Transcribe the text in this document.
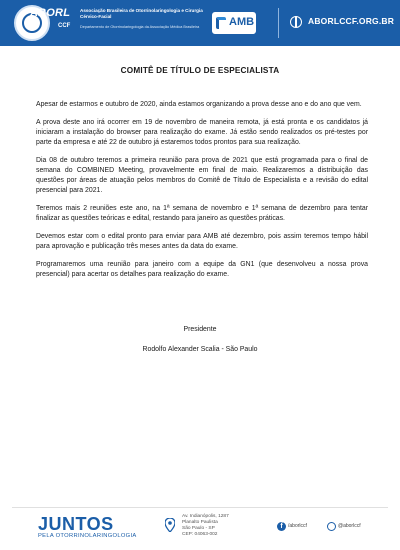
ABORL
CCF
Associação Brasileira de Otorrinolaringologia e Cirurgia Cérvico-Facial
Departamento de Otorrinolaringologia da Associação Médica Brasileira	AMB	ABORLCCF.ORG.BR
COMITÊ DE TÍTULO DE ESPECIALISTA

Apesar de estarmos e outubro de 2020, ainda estamos organizando a prova desse ano e do ano que vem.

A prova deste ano irá ocorrer em 19 de novembro de maneira remota, já está pronta e os candidatos já iniciaram a instalação do browser para realização do exame. Já estão sendo realizados os pré-testes por parte da empresa e até 22 de outubro já estaremos todos prontos para sua realização.

Dia 08 de outubro teremos a primeira reunião para prova de 2021 que está programada para o final de semana do COMBINED Meeting, provavelmente em final de maio. Realizaremos a distribuição das questões por áreas de atuação pelos membros do Comitê de Título de Especialista e a revisão do edital presencial para 2021.

Teremos mais 2 reuniões este ano, na 1ª semana de novembro e 1ª semana de dezembro para tentar finalizar as questões teóricas e edital, restando para janeiro as questões práticas.

Devemos estar com o edital pronto para enviar para AMB até dezembro, pois assim teremos tempo hábil para aprovação e publicação três meses antes da data do exame.

Programaremos uma reunião para janeiro com a equipe da GN1 (que desenvolveu a nossa prova presencial) para acertar os detalhes para realização do exame.

Presidente
Rodolfo Alexander Scalia - São Paulo
JUNTOS
PELA OTORRINOLARINGOLOGIA
Av. Indianópolis, 1287
Planalto Paulista
São Paulo - SP
CEP: 04063-002
f	/aborlccf	@aborlccf
